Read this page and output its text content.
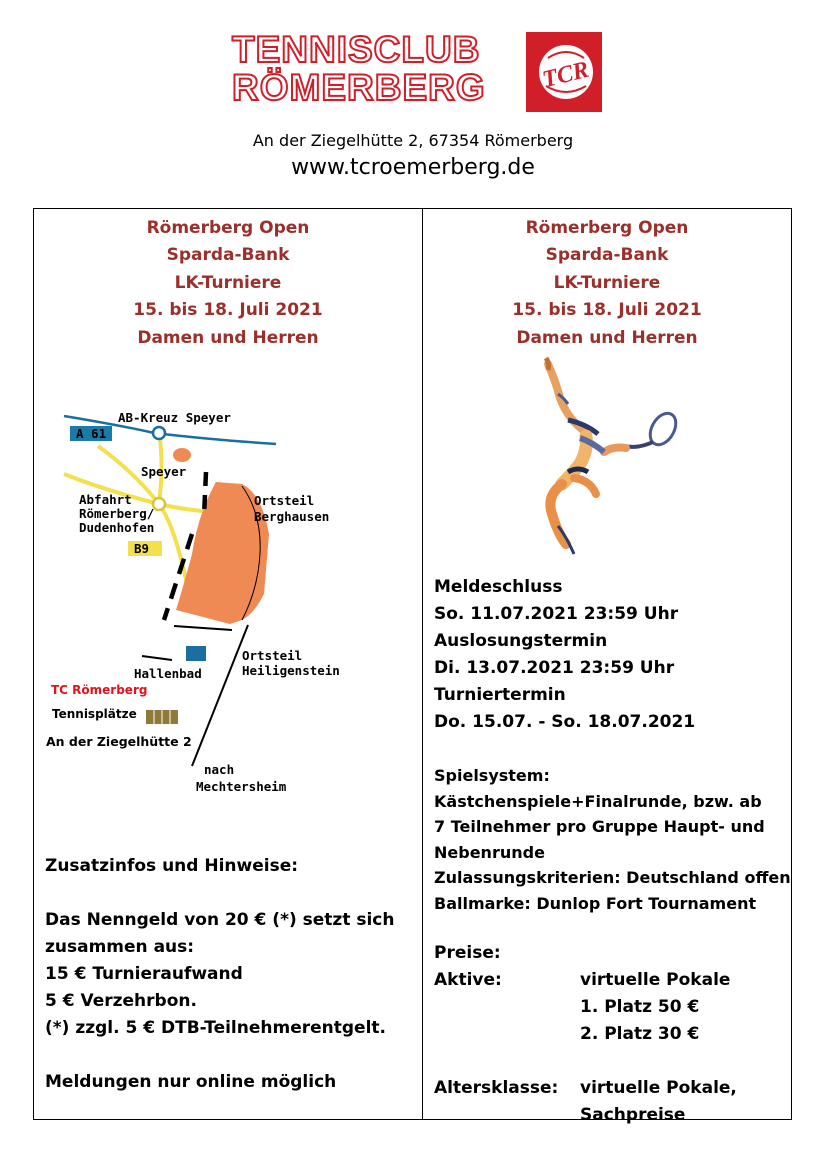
TENNISCLUB
RÖMERBERG TCR
An der Ziegelhütte 2, 67354 Römerberg
www.tcroemerberg.de
Römerberg Open
Sparda-Bank
LK-Turniere
15. bis 18. Juli 2021
Damen und Herren
A 61
AB-Kreuz Speyer
Speyer
Abfahrt
Römerberg/
Dudenhofen
B9
Ortsteil
Berghausen
Hallenbad
Ortsteil
Heiligenstein
TC Römerberg
Tennisplätze
An der Ziegelhütte 2
nach
Mechtersheim
Zusatzinfos und Hinweise:
Das Nenngeld von 20 € (*) setzt sich
zusammen aus:
15 € Turnieraufwand
5 € Verzehrbon.
(*) zzgl. 5 € DTB-Teilnehmerentgelt.
Meldungen nur online möglich
Römerberg Open
Sparda-Bank
LK-Turniere
15. bis 18. Juli 2021
Damen und Herren
Meldeschluss
So. 11.07.2021 23:59 Uhr
Auslosungstermin
Di. 13.07.2021 23:59 Uhr
Turniertermin
Do. 15.07. - So. 18.07.2021
Spielsystem:
Kästchenspiele+Finalrunde, bzw. ab
7 Teilnehmer pro Gruppe Haupt- und
Nebenrunde
Zulassungskriterien: Deutschland offen
Ballmarke: Dunlop Fort Tournament
Preise:
Aktive:	virtuelle Pokale
1. Platz 50 €
2. Platz 30 €
Altersklasse:	virtuelle Pokale,
Sachpreise
